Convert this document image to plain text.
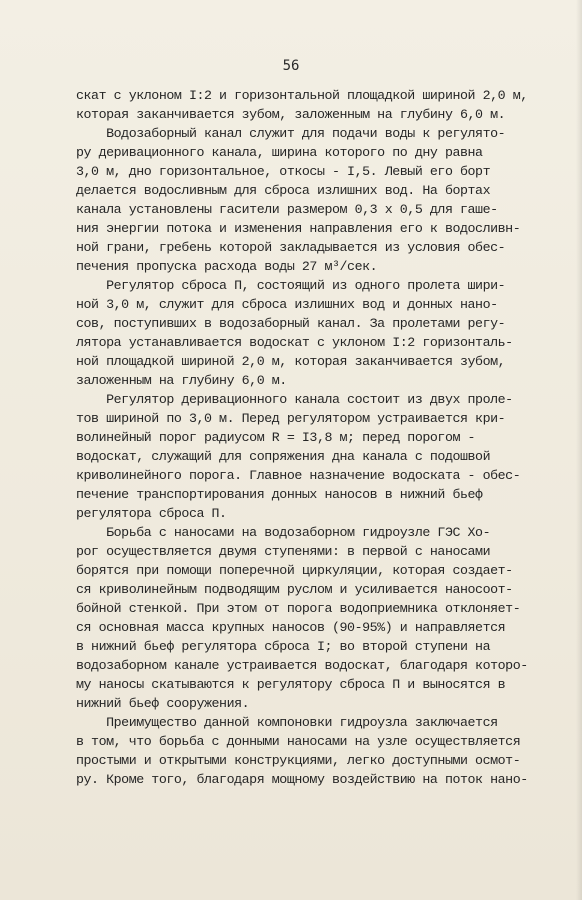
56
скат с уклоном I:2 и горизонтальной площадкой шириной 2,0 м,
которая заканчивается зубом, заложенным на глубину 6,0 м.
Водозаборный канал служит для подачи воды к регулято-
ру деривационного канала, ширина которого по дну равна
3,0 м, дно горизонтальное, откосы - I,5. Левый его борт
делается водосливным для сброса излишних вод. На бортах
канала установлены гасители размером 0,3 х 0,5 для гаше-
ния энергии потока и изменения направления его к водосливн-
ной грани, гребень которой закладывается из условия обес-
печения пропуска расхода воды 27 м³/сек.
Регулятор сброса П, состоящий из одного пролета шири-
ной 3,0 м, служит для сброса излишних вод и донных нано-
сов, поступивших в водозаборный канал. За пролетами регу-
лятора устанавливается водоскат с уклоном I:2 горизонталь-
ной площадкой шириной 2,0 м, которая заканчивается зубом,
заложенным на глубину 6,0 м.
Регулятор деривационного канала состоит из двух проле-
тов шириной по 3,0 м. Перед регулятором устраивается кри-
волинейный порог радиусом R = I3,8 м; перед порогом -
водоскат, служащий для сопряжения дна канала с подошвой
криволинейного порога. Главное назначение водоската - обес-
печение транспортирования донных наносов в нижний бьеф
регулятора сброса П.
Борьба с наносами на водозаборном гидроузле ГЭС Хо-
рог осуществляется двумя ступенями: в первой с наносами
борятся при помощи поперечной циркуляции, которая создает-
ся криволинейным подводящим руслом и усиливается наносоот-
бойной стенкой. При этом от порога водоприемника отклоняет-
ся основная масса крупных наносов (90-95%) и направляется
в нижний бьеф регулятора сброса I; во второй ступени на
водозаборном канале устраивается водоскат, благодаря которо-
му наносы скатываются к регулятору сброса П и выносятся в
нижний бьеф сооружения.
Преимущество данной компоновки гидроузла заключается
в том, что борьба с донными наносами на узле осуществляется
простыми и открытыми конструкциями, легко доступными осмот-
ру. Кроме того, благодаря мощному воздействию на поток нано-
